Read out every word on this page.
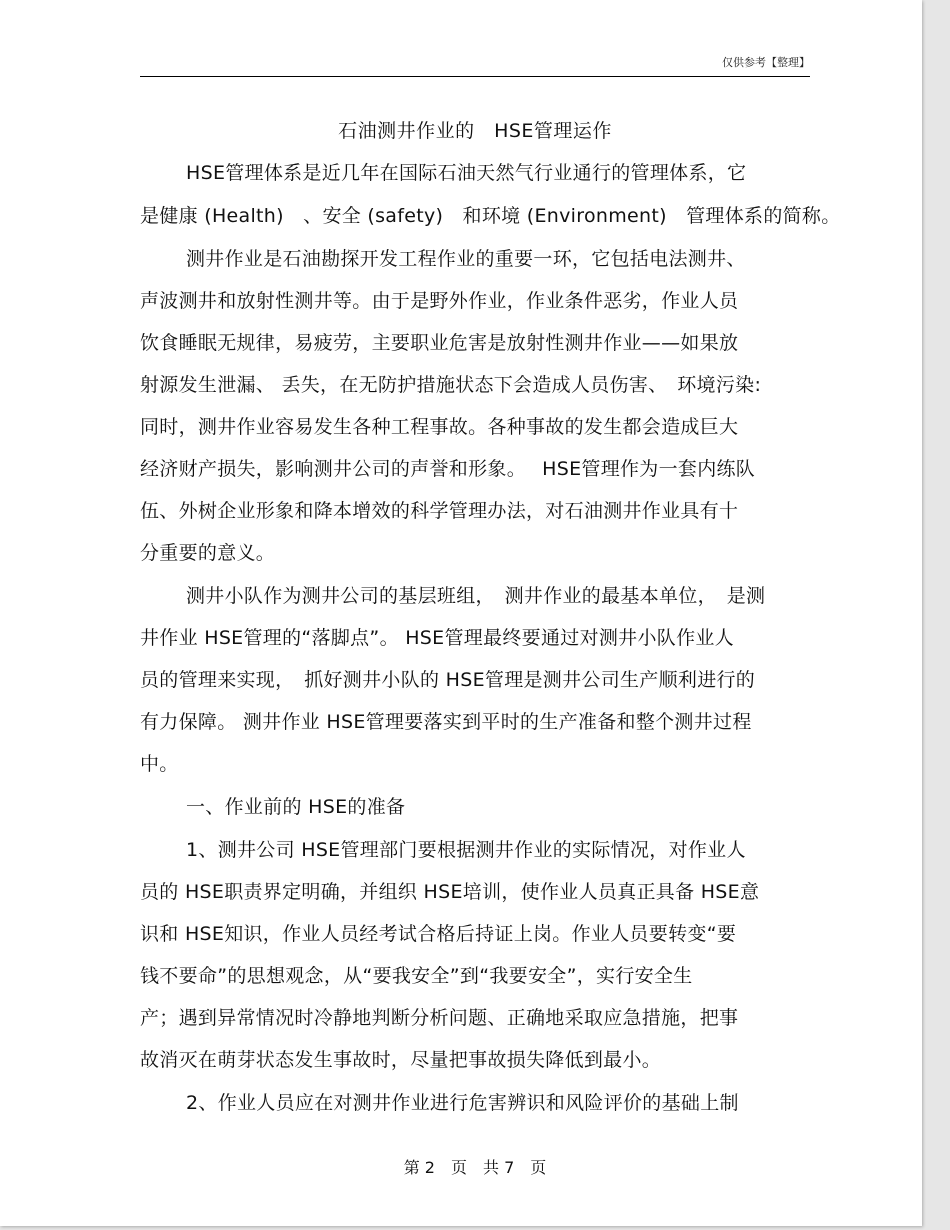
仅供参考【整理】
石油测井作业的　HSE管理运作
HSE管理体系是近几年在国际石油天然气行业通行的管理体系，它
是健康 (Health)　、安全 (safety)　和环境 (Environment)　管理体系的简称。
测井作业是石油勘探开发工程作业的重要一环，它包括电法测井、
声波测井和放射性测井等。由于是野外作业，作业条件恶劣，作业人员
饮食睡眠无规律，易疲劳，主要职业危害是放射性测井作业——如果放
射源发生泄漏、 丢失，在无防护措施状态下会造成人员伤害、　环境污染:
同时，测井作业容易发生各种工程事故。各种事故的发生都会造成巨大
经济财产损失，影响测井公司的声誉和形象。　 HSE管理作为一套内练队
伍、外树企业形象和降本增效的科学管理办法，对石油测井作业具有十
分重要的意义。
测井小队作为测井公司的基层班组，　测井作业的最基本单位，　是测
井作业 HSE管理的“落脚点”。 HSE管理最终要通过对测井小队作业人
员的管理来实现，　抓好测井小队的 HSE管理是测井公司生产顺利进行的
有力保障。 测井作业 HSE管理要落实到平时的生产准备和整个测井过程
中。
一、作业前的 HSE的准备
1、测井公司 HSE管理部门要根据测井作业的实际情况，对作业人
员的 HSE职责界定明确，并组织 HSE培训，使作业人员真正具备 HSE意
识和 HSE知识，作业人员经考试合格后持证上岗。作业人员要转变“要
钱不要命”的思想观念，从“要我安全”到“我要安全”，实行安全生
产；遇到异常情况时冷静地判断分析问题、正确地采取应急措施，把事
故消灭在萌芽状态发生事故时，尽量把事故损失降低到最小。
2、作业人员应在对测井作业进行危害辨识和风险评价的基础上制
第 2　页　共 7　页
